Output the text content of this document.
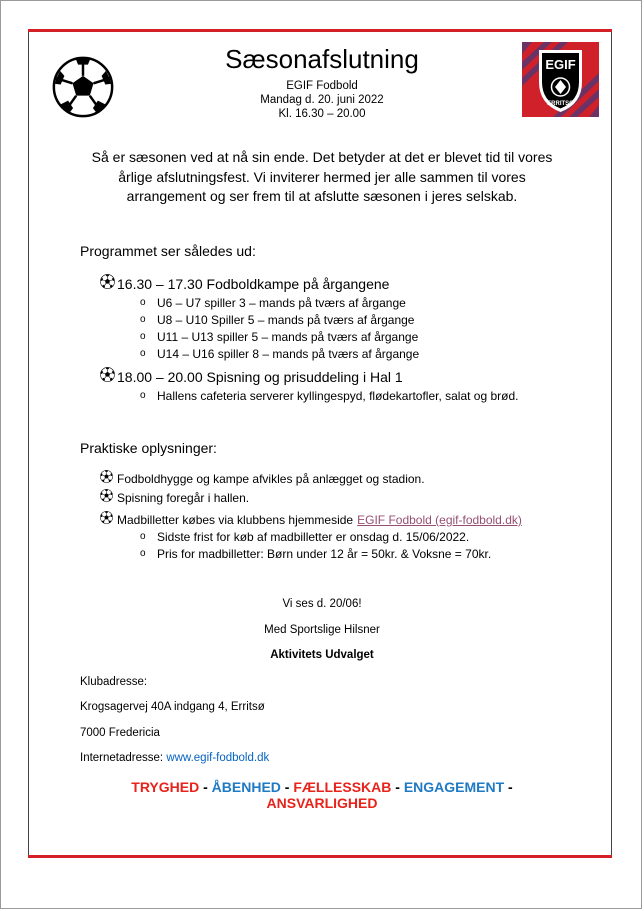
EGIF
ERRITSØ
Sæsonafslutning
EGIF Fodbold
Mandag d. 20. juni 2022
Kl. 16.30 – 20.00
Så er sæsonen ved at nå sin ende. Det betyder at det er blevet tid til vores
årlige afslutningsfest. Vi inviterer hermed jer alle sammen til vores
arrangement og ser frem til at afslutte sæsonen i jeres selskab.
Programmet ser således ud:
16.30 – 17.30 Fodboldkampe på årgangene
o U6 – U7 spiller 3 – mands på tværs af årgange
o U8 – U10 Spiller 5 – mands på tværs af årgange
o U11 – U13 spiller 5 – mands på tværs af årgange
o U14 – U16 spiller 8 – mands på tværs af årgange
18.00 – 20.00 Spisning og prisuddeling i Hal 1
o Hallens cafeteria serverer kyllingespyd, flødekartofler, salat og brød.
Praktiske oplysninger:
Fodboldhygge og kampe afvikles på anlægget og stadion.
Spisning foregår i hallen.
Madbilletter købes via klubbens hjemmeside EGIF Fodbold (egif-fodbold.dk)
o Sidste frist for køb af madbilletter er onsdag d. 15/06/2022.
o Pris for madbilletter: Børn under 12 år = 50kr. & Voksne = 70kr.
Vi ses d. 20/06!
Med Sportslige Hilsner
Aktivitets Udvalget
Klubadresse:
Krogsagervej 40A indgang 4, Erritsø
7000 Fredericia
Internetadresse: www.egif-fodbold.dk
TRYGHED - ÅBENHED - FÆLLESSKAB - ENGAGEMENT - ANSVARLIGHED
